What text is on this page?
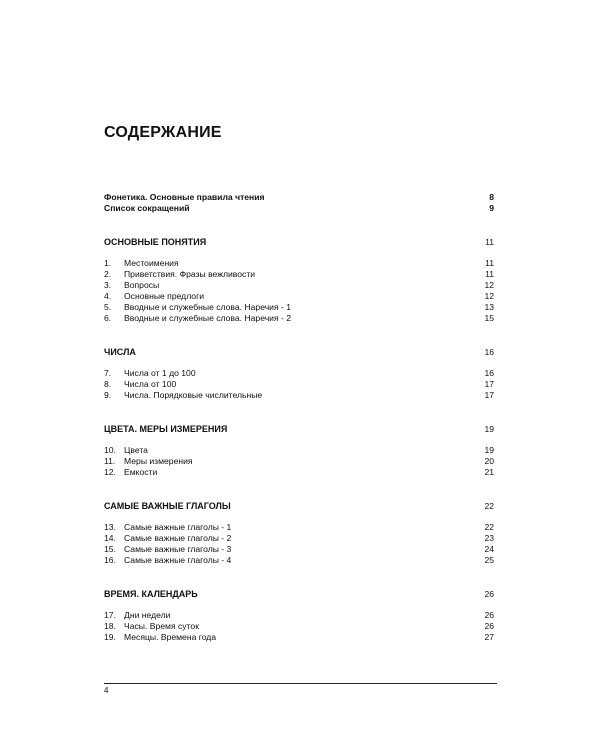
СОДЕРЖАНИЕ
Фонетика. Основные правила чтения	8
Список сокращений	9
ОСНОВНЫЕ ПОНЯТИЯ	11
1. Местоимения	11
2. Приветствия. Фразы вежливости	11
3. Вопросы	12
4. Основные предлоги	12
5. Вводные и служебные слова. Наречия - 1	13
6. Вводные и служебные слова. Наречия - 2	15
ЧИСЛА	16
7. Числа от 1 до 100	16
8. Числа от 100	17
9. Числа. Порядковые числительные	17
ЦВЕТА. МЕРЫ ИЗМЕРЕНИЯ	19
10. Цвета	19
11. Меры измерения	20
12. Емкости	21
САМЫЕ ВАЖНЫЕ ГЛАГОЛЫ	22
13. Самые важные глаголы - 1	22
14. Самые важные глаголы - 2	23
15. Самые важные глаголы - 3	24
16. Самые важные глаголы - 4	25
ВРЕМЯ. КАЛЕНДАРЬ	26
17. Дни недели	26
18. Часы. Время суток	26
19. Месяцы. Времена года	27
4
